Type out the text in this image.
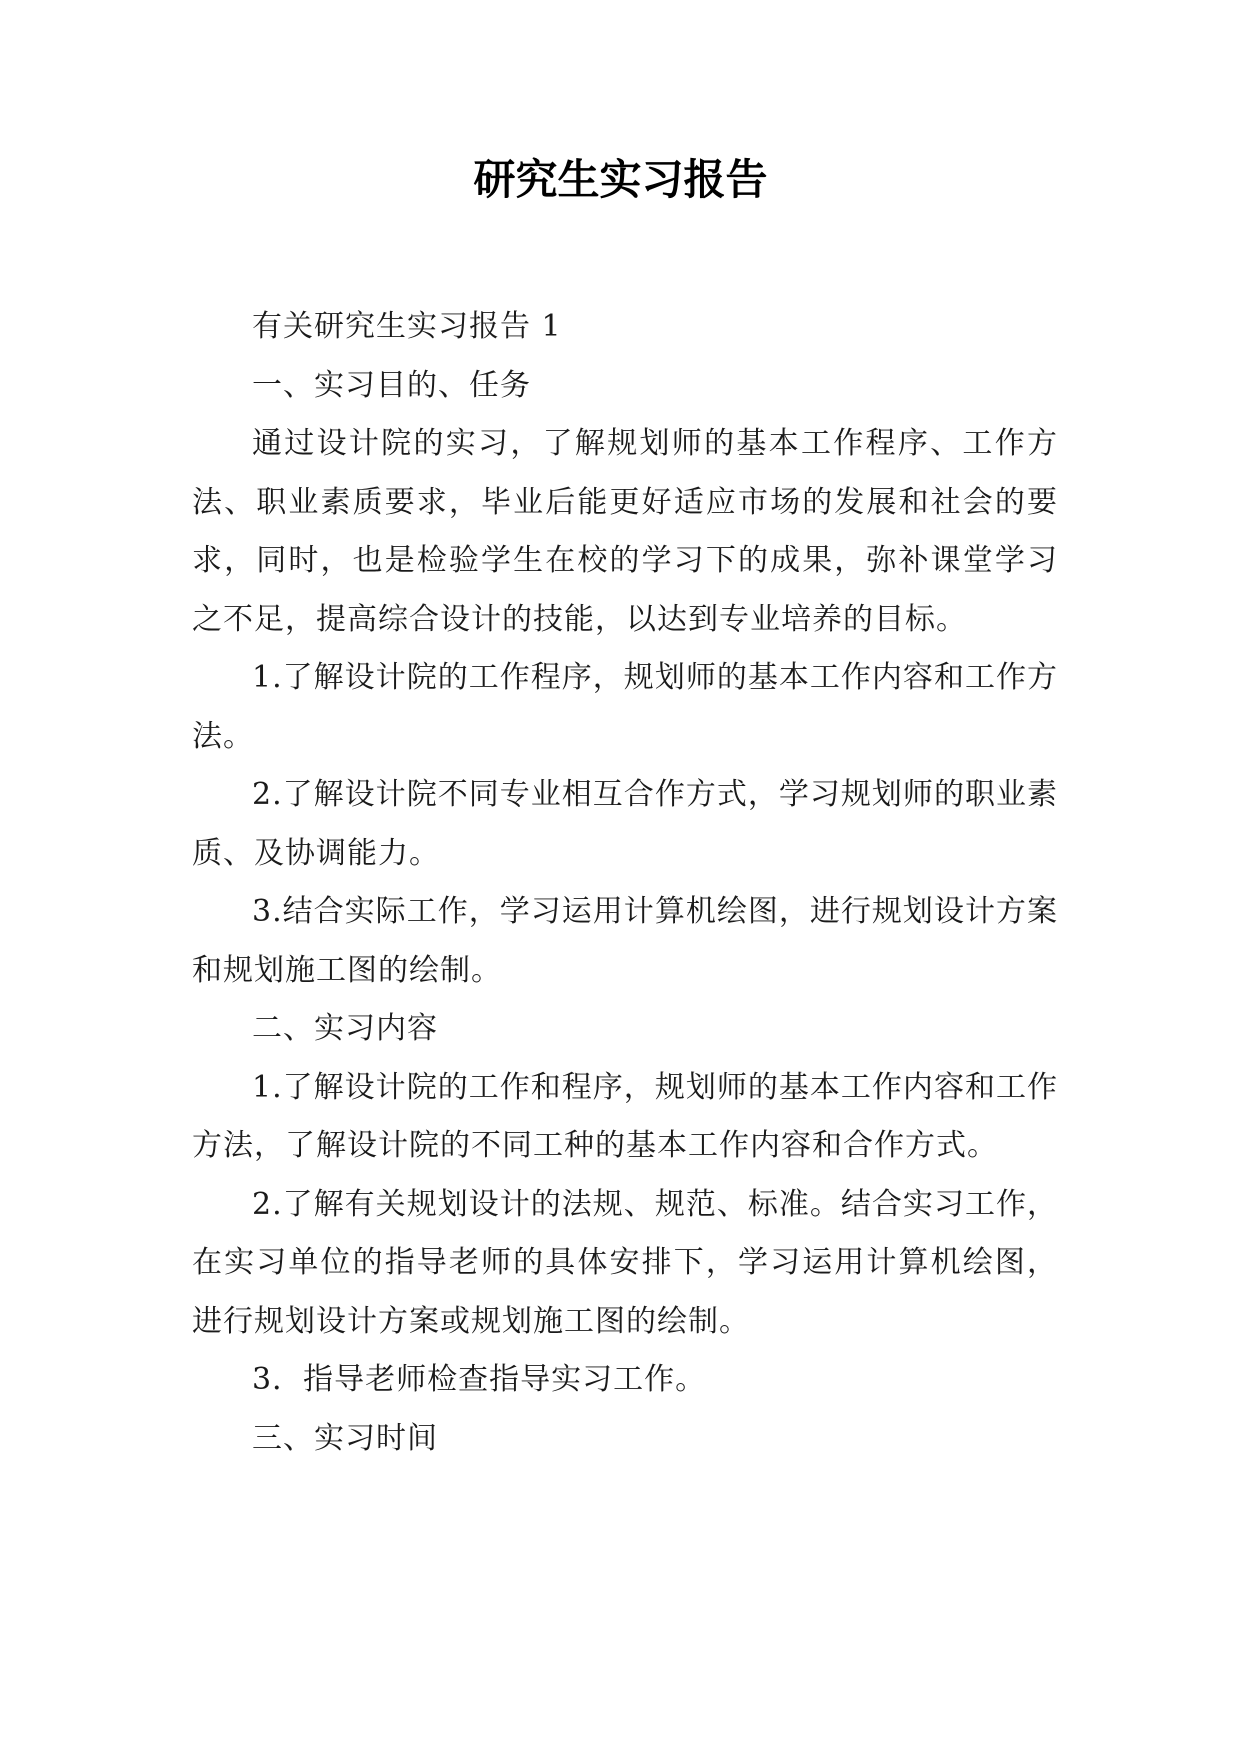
研究生实习报告

有关研究生实习报告 1

一、实习目的、任务

通过设计院的实习，了解规划师的基本工作程序、工作方法、职业素质要求，毕业后能更好适应市场的发展和社会的要求，同时，也是检验学生在校的学习下的成果，弥补课堂学习之不足，提高综合设计的技能，以达到专业培养的目标。

1.了解设计院的工作程序，规划师的基本工作内容和工作方法。

2.了解设计院不同专业相互合作方式，学习规划师的职业素质、及协调能力。

3.结合实际工作，学习运用计算机绘图，进行规划设计方案和规划施工图的绘制。

二、实习内容

1.了解设计院的工作和程序，规划师的基本工作内容和工作方法，了解设计院的不同工种的基本工作内容和合作方式。

2.了解有关规划设计的法规、规范、标准。结合实习工作，在实习单位的指导老师的具体安排下，学习运用计算机绘图，进行规划设计方案或规划施工图的绘制。

3．指导老师检查指导实习工作。

三、实习时间
